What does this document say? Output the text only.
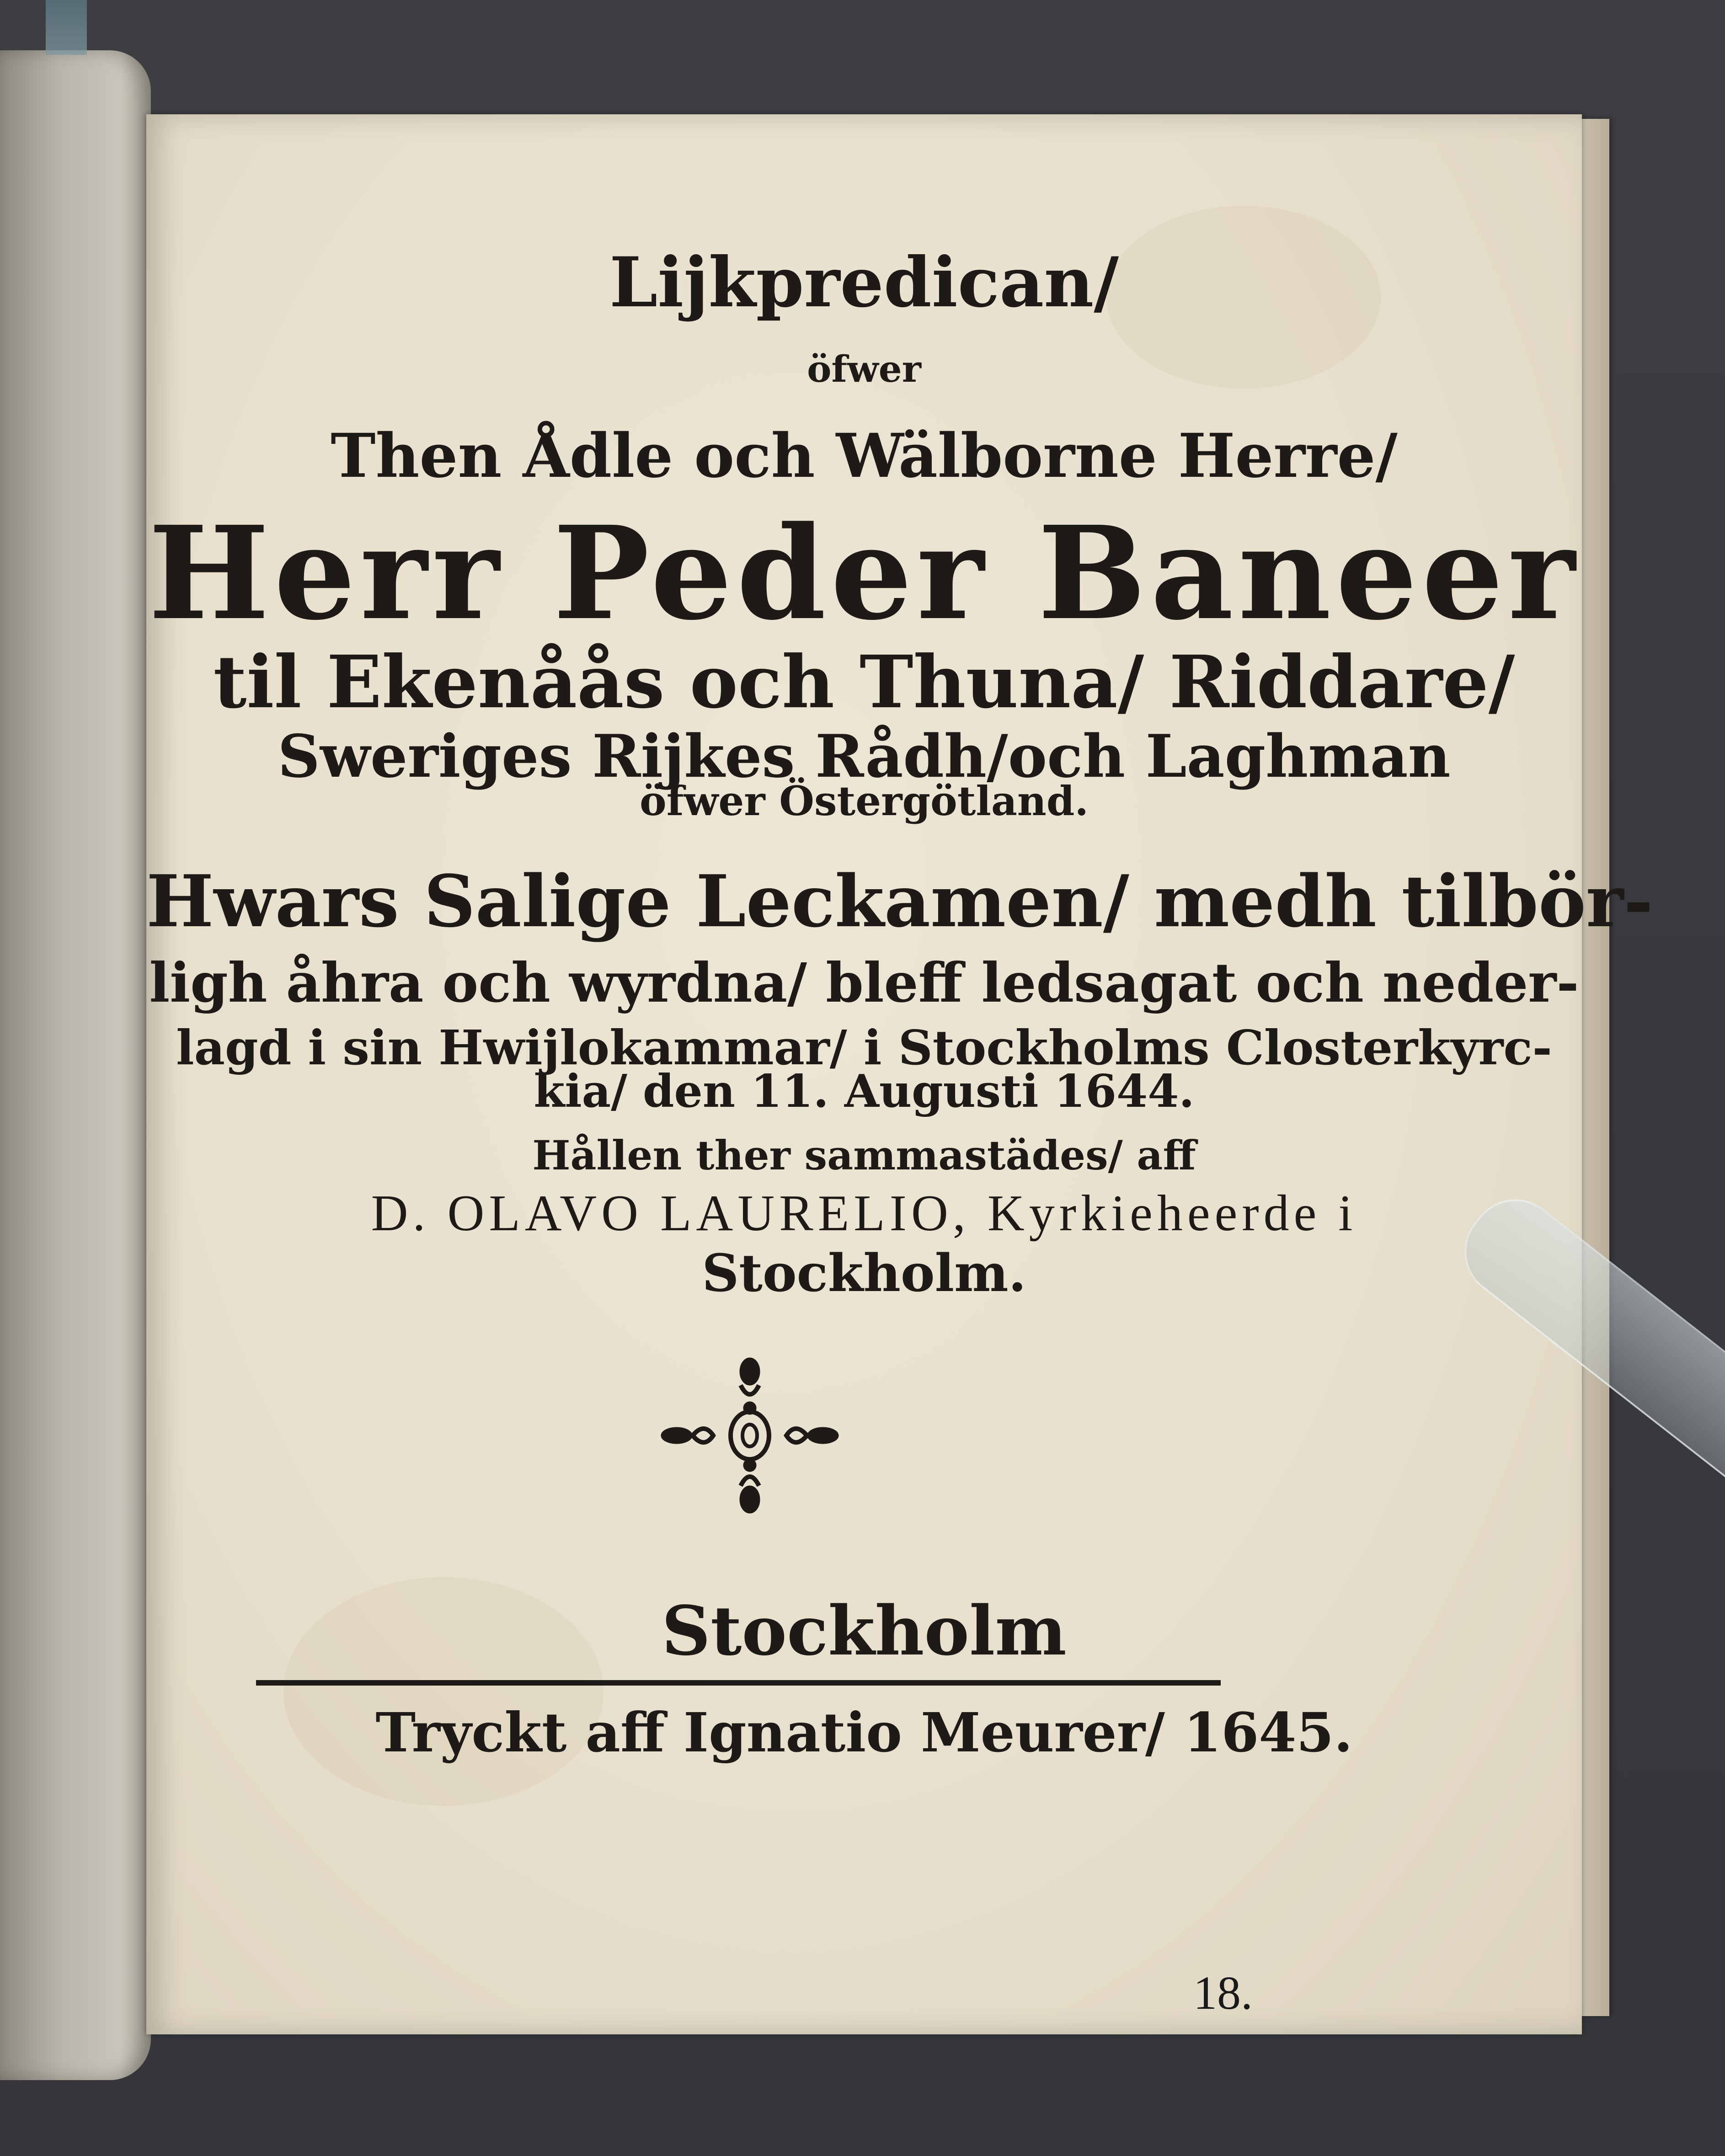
Lijkpredican/
öfwer
Then Ådle och Wälborne Herre/
Herr Peder Baneer
til Ekenåås och Thuna/ Riddare/
Sweriges Rijkes Rådh/och Laghman
öfwer Östergötland.
Hwars Salige Leckamen/ medh tilbör-
ligh åhra och wyrdna/ bleff ledsagat och neder-
lagd i sin Hwijlokammar/ i Stockholms Closterkyrc-
kia/ den 11. Augusti 1644.
Hållen ther sammastädes/ aff
D. OLAVO LAURELIO, Kyrkieheerde i
Stockholm.
Stockholm
Tryckt aff Ignatio Meurer/ 1645.
18.
